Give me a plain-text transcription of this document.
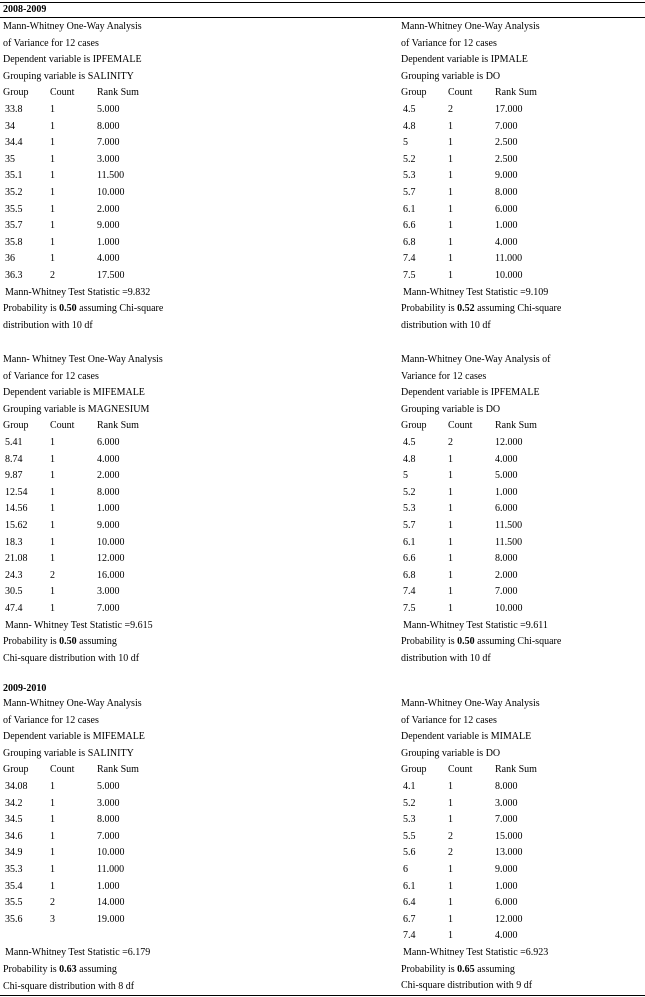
2008-2009
2009-2010
Mann-Whitney One-Way Analysis
of Variance for 12 cases
Dependent variable is IPFEMALE
Grouping variable is SALINITY
Group Count Rank Sum
33.8	1	5.000
34	1	8.000
34.4	1	7.000
35	1	3.000
35.1	1	11.500
35.2	1	10.000
35.5	1	2.000
35.7	1	9.000
35.8	1	1.000
36	1	4.000
36.3	2	17.500
Mann-Whitney Test Statistic =9.832
Probability is 0.50 assuming Chi-square
distribution with 10 df
Mann-Whitney One-Way Analysis
of Variance for 12 cases
Dependent variable is IPMALE
Grouping variable is DO
Group Count Rank Sum
4.5	2	17.000
4.8	1	7.000
5	1	2.500
5.2	1	2.500
5.3	1	9.000
5.7	1	8.000
6.1	1	6.000
6.6	1	1.000
6.8	1	4.000
7.4	1	11.000
7.5	1	10.000
Mann-Whitney Test Statistic =9.109
Probability is 0.52 assuming Chi-square
distribution with 10 df
Mann- Whitney Test One-Way Analysis
of Variance for 12 cases
Dependent variable is MIFEMALE
Grouping variable is MAGNESIUM
Group Count Rank Sum
5.41	1	6.000
8.74	1	4.000
9.87	1	2.000
12.54 1	8.000
14.56 1	1.000
15.62 1	9.000
18.3	1	10.000
21.08 1	12.000
24.3	2	16.000
30.5	1	3.000
47.4	1	7.000
Mann- Whitney Test Statistic =9.615
Probability is 0.50 assuming
Chi-square distribution with 10 df
Mann-Whitney One-Way Analysis of
Variance for 12 cases
Dependent variable is IPFEMALE
Grouping variable is DO
Group Count Rank Sum
4.5	2	12.000
4.8	1	4.000
5	1	5.000
5.2	1	1.000
5.3	1	6.000
5.7	1	11.500
6.1	1	11.500
6.6	1	8.000
6.8	1	2.000
7.4	1	7.000
7.5	1	10.000
Mann-Whitney Test Statistic =9.611
Probability is 0.50 assuming Chi-square
distribution with 10 df
Mann-Whitney One-Way Analysis
of Variance for 12 cases
Dependent variable is MIFEMALE
Grouping variable is SALINITY
Group Count Rank Sum
34.08 1	5.000
34.2	1	3.000
34.5	1	8.000
34.6	1	7.000
34.9	1	10.000
35.3	1	11.000
35.4	1	1.000
35.5	2	14.000
35.6	3	19.000
Mann-Whitney Test Statistic =6.179
Probability is 0.63 assuming
Chi-square distribution with 8 df
Mann-Whitney One-Way Analysis
of Variance for 12 cases
Dependent variable is MIMALE
Grouping variable is DO
Group Count Rank Sum
4.1	1	8.000
5.2	1	3.000
5.3	1	7.000
5.5	2	15.000
5.6	2	13.000
6	1	9.000
6.1	1	1.000
6.4	1	6.000
6.7	1	12.000
7.4	1	4.000
Mann-Whitney Test Statistic =6.923
Probability is 0.65 assuming
Chi-square distribution with 9 df
